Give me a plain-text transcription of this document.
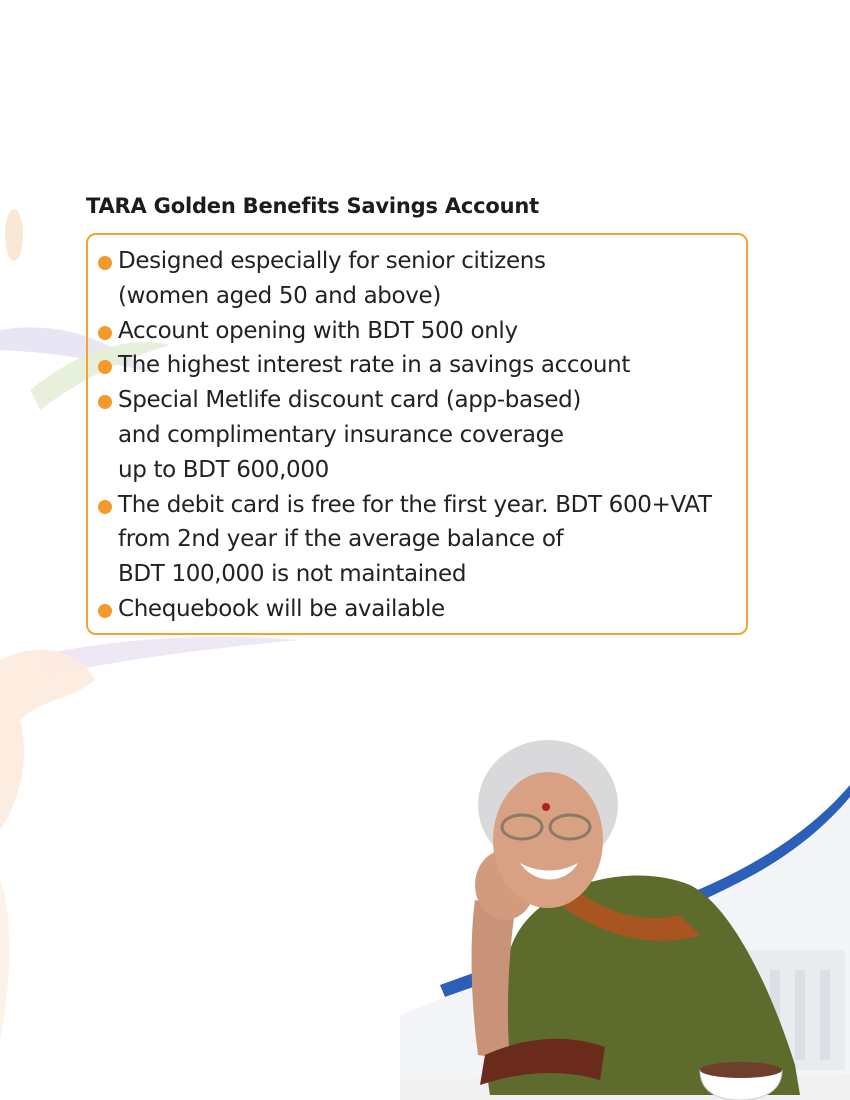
TARA Golden Benefits Savings Account
Designed especially for senior citizens
(women aged 50 and above)
Account opening with BDT 500 only
The highest interest rate in a savings account
Special Metlife discount card (app-based)
and complimentary insurance coverage
up to BDT 600,000
The debit card is free for the first year. BDT 600+VAT
from 2nd year if the average balance of
BDT 100,000 is not maintained
Chequebook will be available
